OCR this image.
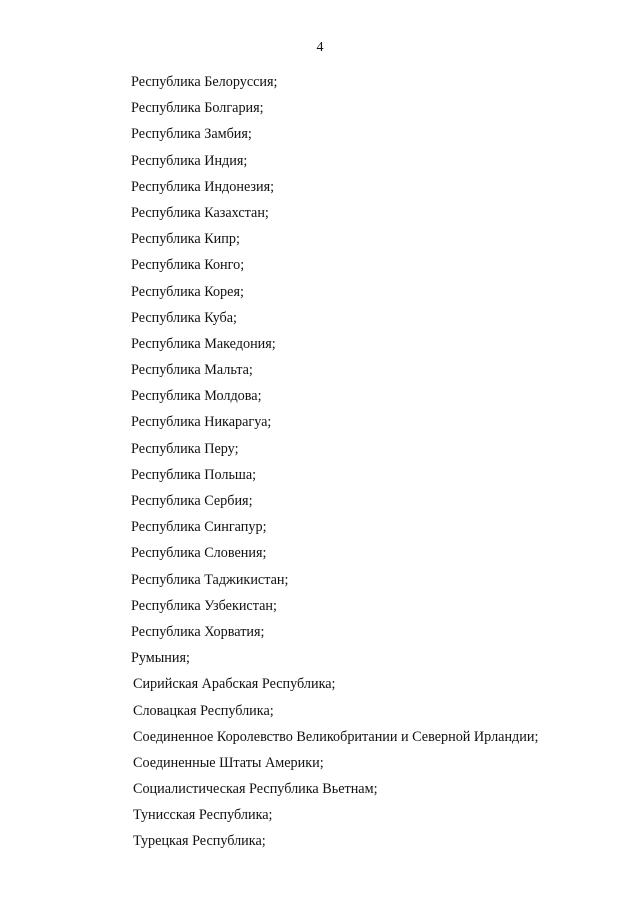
4
Республика Белоруссия;
Республика Болгария;
Республика Замбия;
Республика Индия;
Республика Индонезия;
Республика Казахстан;
Республика Кипр;
Республика Конго;
Республика Корея;
Республика Куба;
Республика Македония;
Республика Мальта;
Республика Молдова;
Республика Никарагуа;
Республика Перу;
Республика Польша;
Республика Сербия;
Республика Сингапур;
Республика Словения;
Республика Таджикистан;
Республика Узбекистан;
Республика Хорватия;
Румыния;
Сирийская Арабская Республика;
Словацкая Республика;
Соединенное Королевство Великобритании и Северной Ирландии;
Соединенные Штаты Америки;
Социалистическая Республика Вьетнам;
Тунисская Республика;
Турецкая Республика;
